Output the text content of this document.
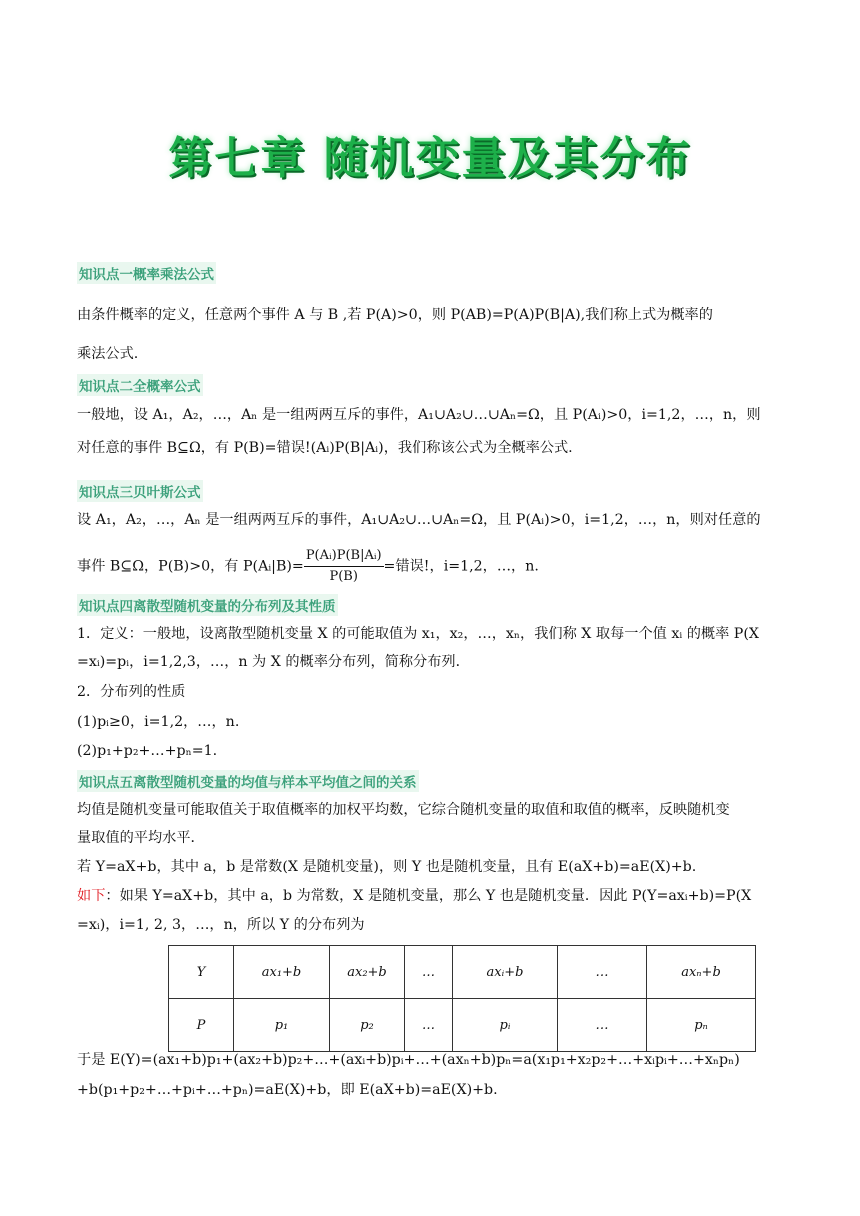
第七章 随机变量及其分布
知识点一概率乘法公式
由条件概率的定义，任意两个事件 A 与 B ,若 P(A)>0，则 P(AB)=P(A)P(B|A),我们称上式为概率的
乘法公式.
知识点二全概率公式
一般地，设 A₁，A₂，…，Aₙ 是一组两两互斥的事件，A₁∪A₂∪…∪Aₙ=Ω，且 P(Aᵢ)>0，i=1,2，…，n，则
对任意的事件 B⊆Ω，有 P(B)=错误!(Aᵢ)P(B|Aᵢ)，我们称该公式为全概率公式.
知识点三贝叶斯公式
设 A₁，A₂，…，Aₙ 是一组两两互斥的事件，A₁∪A₂∪…∪Aₙ=Ω，且 P(Aᵢ)>0，i=1,2，…，n，则对任意的
事件 B⊆Ω，P(B)>0，有 P(Aᵢ|B)= $\frac{\text{P(Aᵢ)P(B|Aᵢ)}}{P(B)}$ =错误!，i=1,2，…，n.
知识点四离散型随机变量的分布列及其性质
1．定义：一般地，设离散型随机变量 X 的可能取值为 x₁，x₂，…，xₙ，我们称 X 取每一个值 xᵢ 的概率 P(X
=xᵢ)=pᵢ，i=1,2,3，…，n 为 X 的概率分布列，简称分布列．
2．分布列的性质
(1)pᵢ≥0，i=1,2，…，n.
(2)p₁+p₂+…+pₙ=1.
知识点五离散型随机变量的均值与样本平均值之间的关系
均值是随机变量可能取值关于取值概率的加权平均数，它综合随机变量的取值和取值的概率，反映随机变
量取值的平均水平．
若 Y=aX+b，其中 a，b 是常数(X 是随机变量)，则 Y 也是随机变量，且有 E(aX+b)=aE(X)+b.
如下：如果 Y=aX+b，其中 a，b 为常数，X 是随机变量，那么 Y 也是随机变量．因此 P(Y=axᵢ+b)=P(X
=xᵢ)，i=1, 2, 3，…，n，所以 Y 的分布列为
Y	ax₁+b	ax₂+b	…	axᵢ+b	…	axₙ+b
P	p₁	p₂	…	pᵢ	…	pₙ
于是 E(Y)=(ax₁+b)p₁+(ax₂+b)p₂+…+(axᵢ+b)pᵢ+…+(axₙ+b)pₙ=a(x₁p₁+x₂p₂+…+xᵢpᵢ+…+xₙpₙ)
+b(p₁+p₂+…+pᵢ+…+pₙ)=aE(X)+b，即 E(aX+b)=aE(X)+b.
